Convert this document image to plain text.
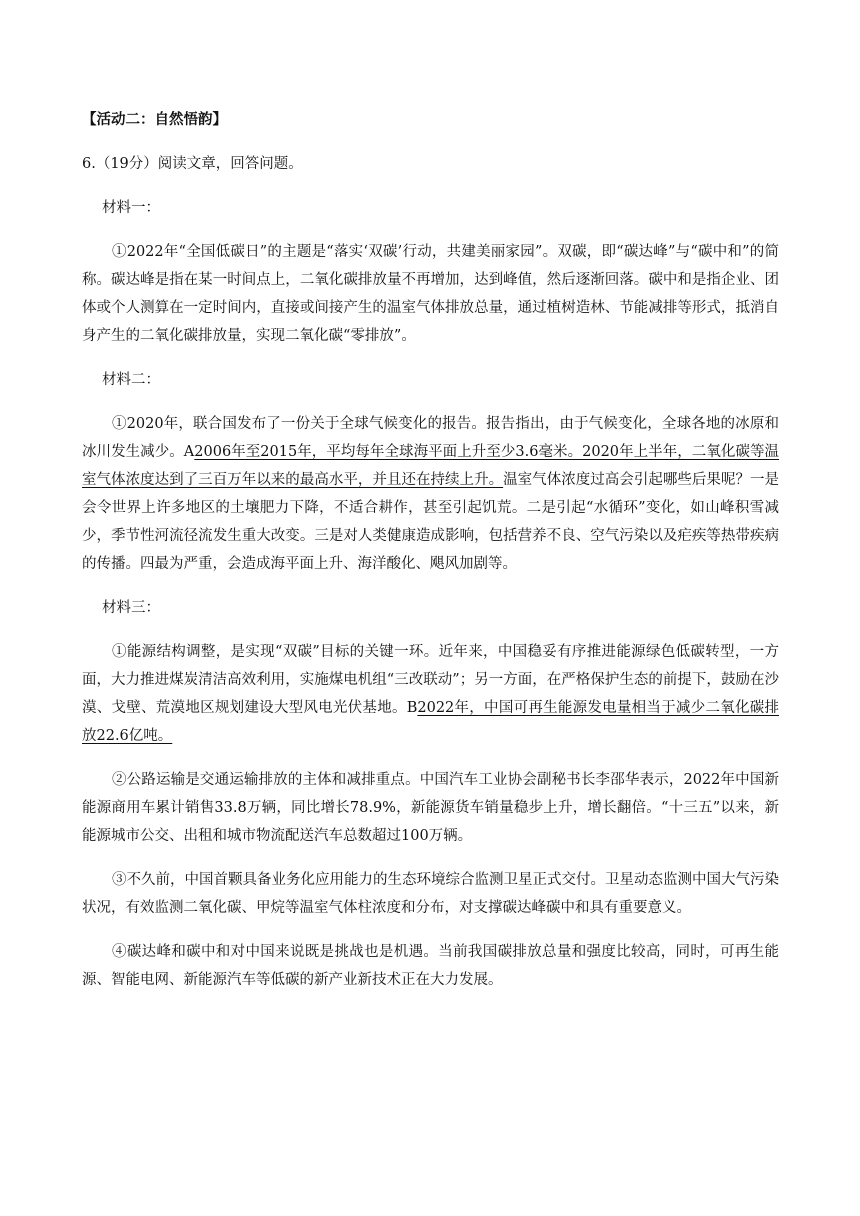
【活动二：自然悟韵】

6.（19分）阅读文章，回答问题。

材料一：

①2022年“全国低碳日”的主题是“落实‘双碳’行动，共建美丽家园”。双碳，即“碳达峰”与“碳中和”的简称。碳达峰是指在某一时间点上，二氧化碳排放量不再增加，达到峰值，然后逐渐回落。碳中和是指企业、团体或个人测算在一定时间内，直接或间接产生的温室气体排放总量，通过植树造林、节能减排等形式，抵消自身产生的二氧化碳排放量，实现二氧化碳“零排放”。

材料二：

①2020年，联合国发布了一份关于全球气候变化的报告。报告指出，由于气候变化，全球各地的冰原和冰川发生减少。A2006年至2015年，平均每年全球海平面上升至少3.6毫米。2020年上半年，二氧化碳等温室气体浓度达到了三百万年以来的最高水平，并且还在持续上升。温室气体浓度过高会引起哪些后果呢？一是会令世界上许多地区的土壤肥力下降，不适合耕作，甚至引起饥荒。二是引起“水循环”变化，如山峰积雪减少，季节性河流径流发生重大改变。三是对人类健康造成影响，包括营养不良、空气污染以及疟疾等热带疾病的传播。四最为严重，会造成海平面上升、海洋酸化、飓风加剧等。

材料三：

①能源结构调整，是实现“双碳”目标的关键一环。近年来，中国稳妥有序推进能源绿色低碳转型，一方面，大力推进煤炭清洁高效利用，实施煤电机组“三改联动”；另一方面，在严格保护生态的前提下，鼓励在沙漠、戈壁、荒漠地区规划建设大型风电光伏基地。B2022年，中国可再生能源发电量相当于减少二氧化碳排放22.6亿吨。

②公路运输是交通运输排放的主体和减排重点。中国汽车工业协会副秘书长李邵华表示，2022年中国新能源商用车累计销售33.8万辆，同比增长78.9%，新能源货车销量稳步上升，增长翻倍。“十三五”以来，新能源城市公交、出租和城市物流配送汽车总数超过100万辆。

③不久前，中国首颗具备业务化应用能力的生态环境综合监测卫星正式交付。卫星动态监测中国大气污染状况，有效监测二氧化碳、甲烷等温室气体柱浓度和分布，对支撑碳达峰碳中和具有重要意义。

④碳达峰和碳中和对中国来说既是挑战也是机遇。当前我国碳排放总量和强度比较高，同时，可再生能源、智能电网、新能源汽车等低碳的新产业新技术正在大力发展。
